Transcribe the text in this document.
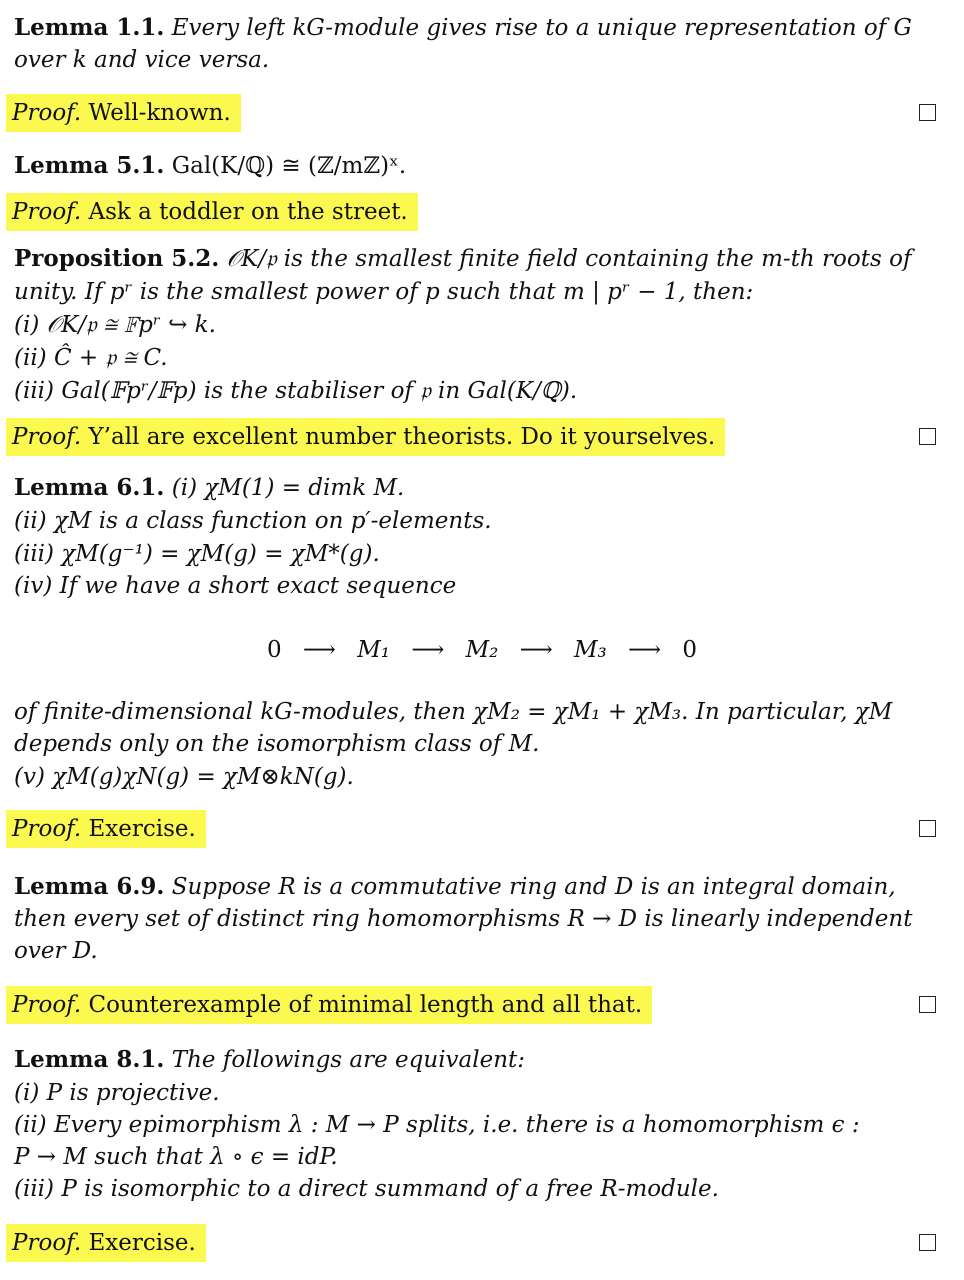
Lemma 1.1. Every left kG-module gives rise to a unique representation of G
over k and vice versa.
Proof. Well-known.
Lemma 5.1. Gal(K/ℚ) ≅ (ℤ/mℤ)ˣ.
Proof. Ask a toddler on the street.
Proposition 5.2. 𝒪K/𝔭 is the smallest finite field containing the m-th roots of
unity. If pʳ is the smallest power of p such that m | pʳ − 1, then:
(i) 𝒪K/𝔭 ≅ 𝔽pʳ ↪ k.
(ii) Ĉ + 𝔭 ≅ C.
(iii) Gal(𝔽pʳ/𝔽p) is the stabiliser of 𝔭 in Gal(K/ℚ).
Proof. Y’all are excellent number theorists. Do it yourselves.
Lemma 6.1. (i) χM(1) = dimk M.
(ii) χM is a class function on p′-elements.
(iii) χM(g⁻¹) = χM(g) = χM*(g).
(iv) If we have a short exact sequence
0 ⟶ M₁ ⟶ M₂ ⟶ M₃ ⟶ 0
of finite-dimensional kG-modules, then χM₂ = χM₁ + χM₃. In particular, χM
depends only on the isomorphism class of M.
(v) χM(g)χN(g) = χM⊗kN(g).
Proof. Exercise.
Lemma 6.9. Suppose R is a commutative ring and D is an integral domain,
then every set of distinct ring homomorphisms R → D is linearly independent
over D.
Proof. Counterexample of minimal length and all that.
Lemma 8.1. The followings are equivalent:
(i) P is projective.
(ii) Every epimorphism λ : M → P splits, i.e. there is a homomorphism ϵ :
P → M such that λ ∘ ϵ = idP.
(iii) P is isomorphic to a direct summand of a free R-module.
Proof. Exercise.
